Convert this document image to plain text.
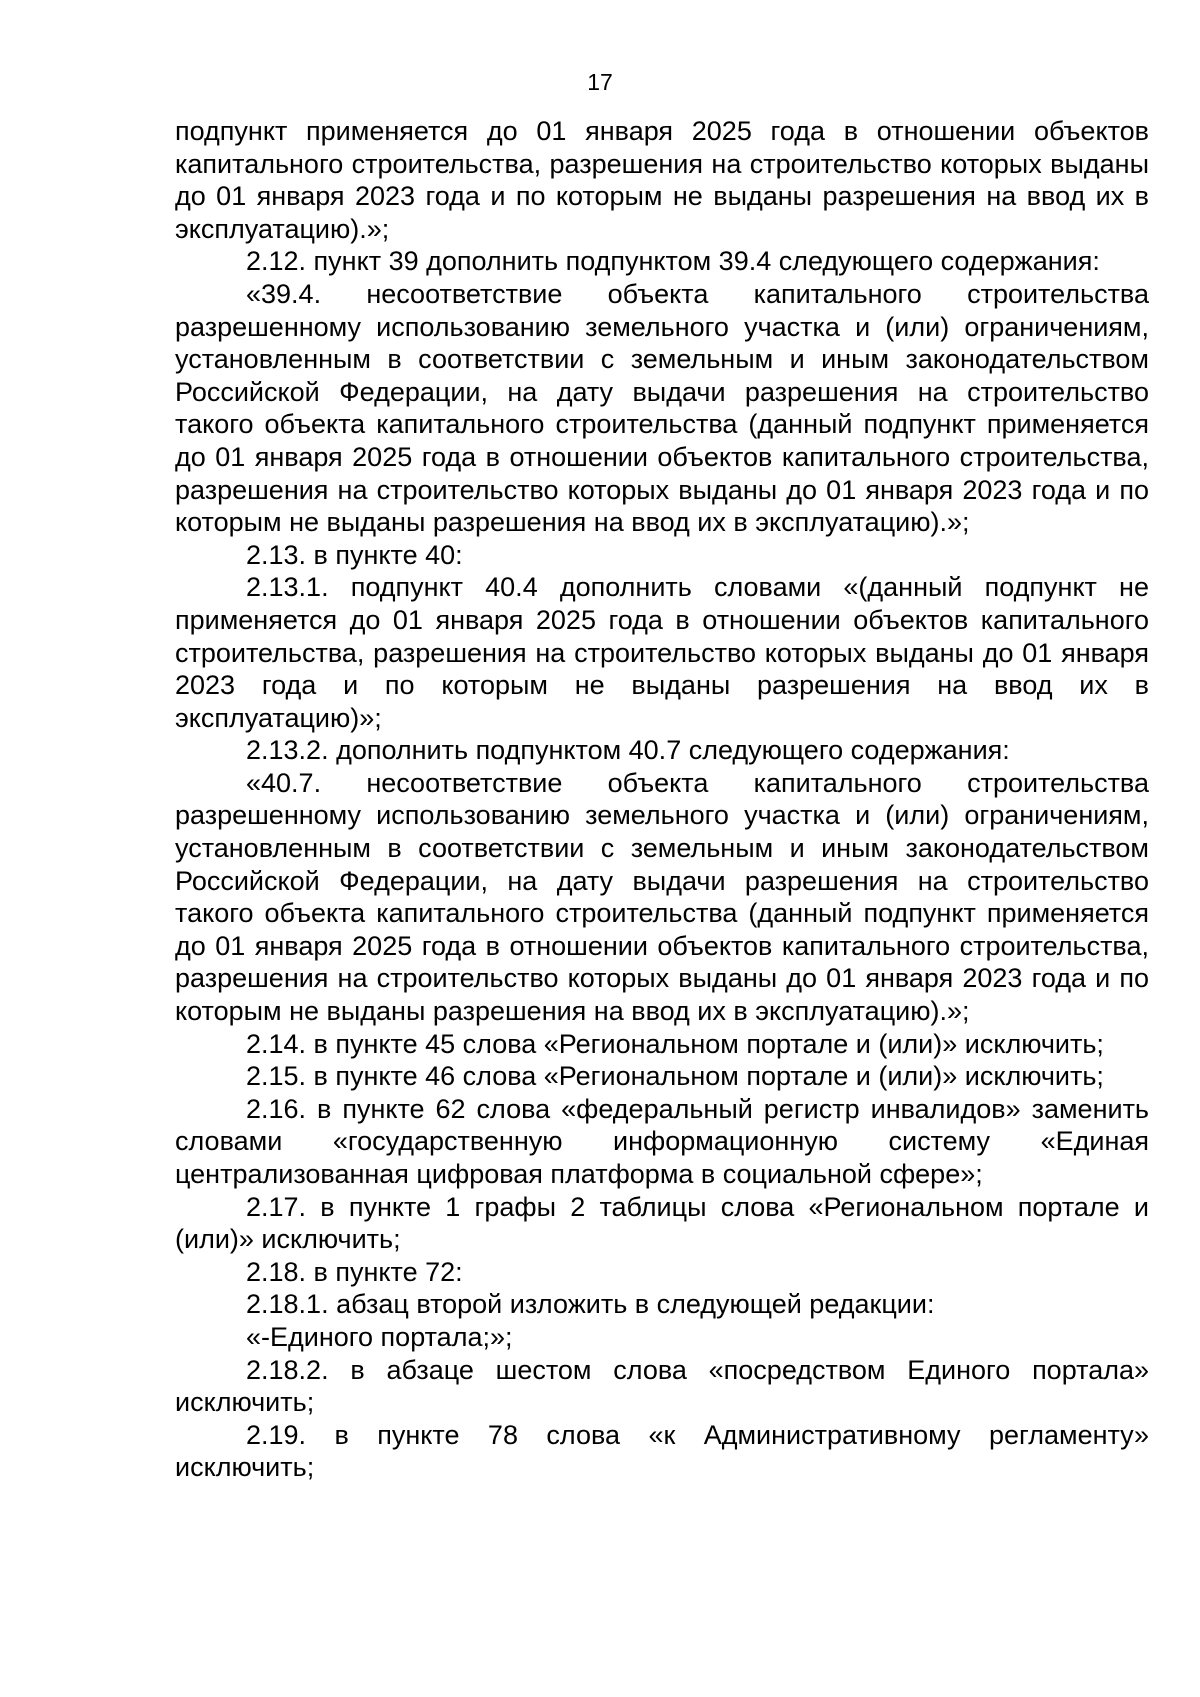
17

подпункт применяется до 01 января 2025 года в отношении объектов капитального строительства, разрешения на строительство которых выданы до 01 января 2023 года и по которым не выданы разрешения на ввод их в эксплуатацию).»;

2.12. пункт 39 дополнить подпунктом 39.4 следующего содержания:

«39.4. несоответствие объекта капитального строительства разрешенному использованию земельного участка и (или) ограничениям, установленным в соответствии с земельным и иным законодательством Российской Федерации, на дату выдачи разрешения на строительство такого объекта капитального строительства (данный подпункт применяется до 01 января 2025 года в отношении объектов капитального строительства, разрешения на строительство которых выданы до 01 января 2023 года и по которым не выданы разрешения на ввод их в эксплуатацию).»;

2.13. в пункте 40:

2.13.1. подпункт 40.4 дополнить словами «(данный подпункт не применяется до 01 января 2025 года в отношении объектов капитального строительства, разрешения на строительство которых выданы до 01 января 2023 года и по которым не выданы разрешения на ввод их в эксплуатацию)»;

2.13.2. дополнить подпунктом 40.7 следующего содержания:

«40.7. несоответствие объекта капитального строительства разрешенному использованию земельного участка и (или) ограничениям, установленным в соответствии с земельным и иным законодательством Российской Федерации, на дату выдачи разрешения на строительство такого объекта капитального строительства (данный подпункт применяется до 01 января 2025 года в отношении объектов капитального строительства, разрешения на строительство которых выданы до 01 января 2023 года и по которым не выданы разрешения на ввод их в эксплуатацию).»;

2.14. в пункте 45 слова «Региональном портале и (или)» исключить;

2.15. в пункте 46 слова «Региональном портале и (или)» исключить;

2.16. в пункте 62 слова «федеральный регистр инвалидов» заменить словами «государственную информационную систему «Единая централизованная цифровая платформа в социальной сфере»;

2.17. в пункте 1 графы 2 таблицы слова «Региональном портале и (или)» исключить;

2.18. в пункте 72:

2.18.1. абзац второй изложить в следующей редакции:

«-Единого портала;»;

2.18.2. в абзаце шестом слова «посредством Единого портала» исключить;

2.19. в пункте 78 слова «к Административному регламенту» исключить;
